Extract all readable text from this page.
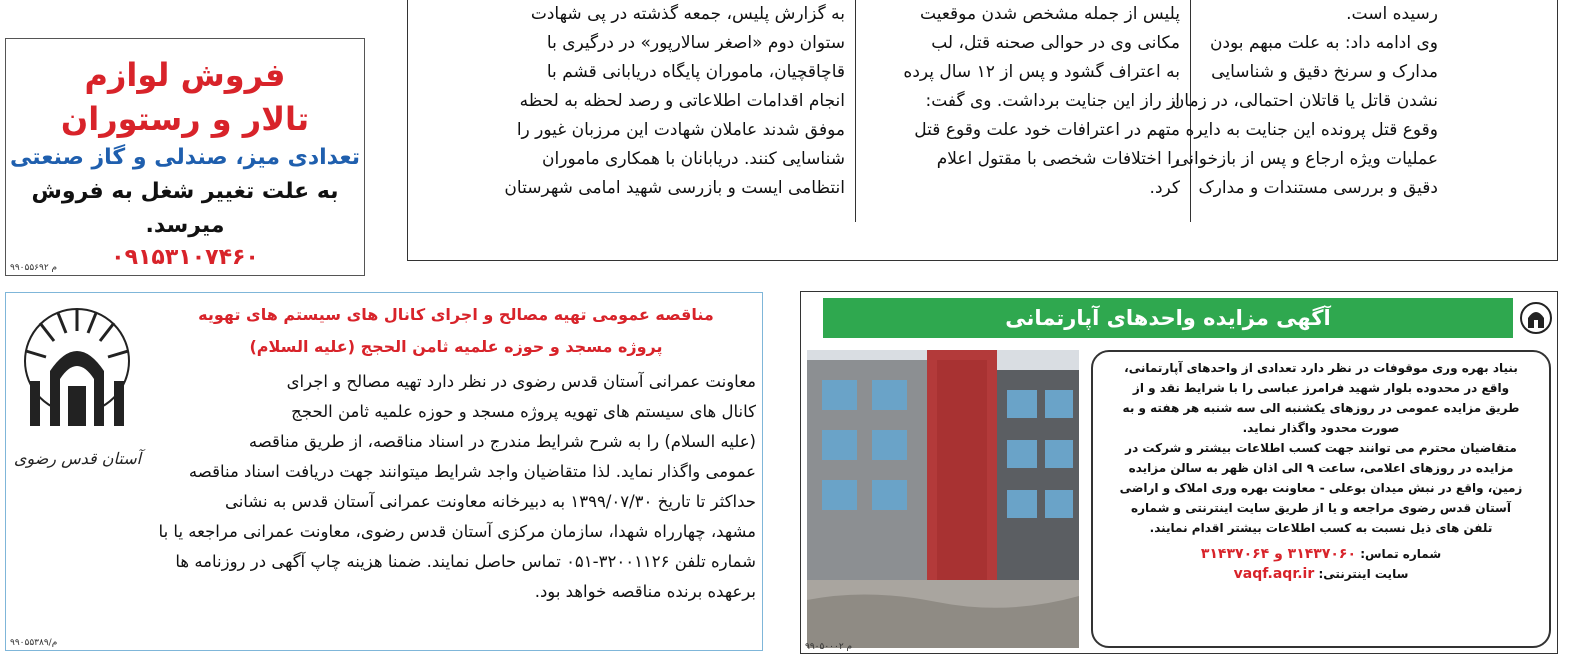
رسیده است.
وی ادامه داد: به علت مبهم بودن
مدارک و سرنخ دقیق و شناسایی
نشدن قاتل یا قاتلان احتمالی، در زمان
وقوع قتل پرونده این جنایت به دایره
عملیات ویژه ارجاع و پس از بازخوانی
دقیق و بررسی مستندات و مدارک
پلیس از جمله مشخص شدن موقعیت
مکانی وی در حوالی صحنه قتل، لب
به اعتراف گشود و پس از ۱۲ سال پرده
از راز این جنایت برداشت. وی گفت:
متهم در اعترافات خود علت وقوع قتل
را اختلافات شخصی با مقتول اعلام
کرد.
به گزارش پلیس، جمعه گذشته در پی شهادت
ستوان دوم «اصغر سالارپور» در درگیری با
قاچاقچیان، ماموران پایگاه دریابانی قشم با
انجام اقدامات اطلاعاتی و رصد لحظه به لحظه
موفق شدند عاملان شهادت این مرزبان غیور را
شناسایی کنند. دریابانان با همکاری ماموران
انتظامی ایست و بازرسی شهید امامی شهرستان
فروش لوازم
تالار و رستوران
تعدادی میز، صندلی و گاز صنعتی
به علت تغییر شغل به فروش میرسد.
۰۹۱۵۳۱۰۷۴۶۰
م ۹۹۰۵۵۶۹۲
مناقصه عمومی تهیه مصالح و اجرای کانال های سیستم های تهویه
پروژه مسجد و حوزه علمیه ثامن الحجج (علیه السلام)
آستان قدس رضوی
معاونت عمرانی آستان قدس رضوی در نظر دارد تهیه مصالح و اجرای
کانال های سیستم های تهویه پروژه مسجد و حوزه علمیه ثامن الحجج
(علیه السلام) را به شرح شرایط مندرج در اسناد مناقصه، از طریق مناقصه
عمومی واگذار نماید. لذا متقاضیان واجد شرایط میتوانند جهت دریافت اسناد مناقصه
حداکثر تا تاریخ ۱۳۹۹/۰۷/۳۰ به دبیرخانه معاونت عمرانی آستان قدس به نشانی
مشهد، چهارراه شهدا، سازمان مرکزی آستان قدس رضوی، معاونت عمرانی مراجعه یا با
شماره تلفن ۳۲۰۰۱۱۲۶-۰۵۱ تماس حاصل نمایند. ضمنا هزینه چاپ آگهی در روزنامه ها
برعهده برنده مناقصه خواهد بود.
م/۹۹۰۵۵۳۸۹
آگهی مزایده واحدهای آپارتمانی
بنیاد بهره وری موقوفات در نظر دارد تعدادی از واحدهای آپارتمانی،
واقع در محدوده بلوار شهید فرامرز عباسی را با شرایط نقد و از
طریق مزایده عمومی در روزهای یکشنبه الی سه شنبه هر هفته و به
صورت محدود واگذار نماید.
متقاضیان محترم می توانند جهت کسب اطلاعات بیشتر و شرکت در
مزایده در روزهای اعلامی، ساعت ۹ الی اذان ظهر به سالن مزایده
زمین، واقع در نبش میدان بوعلی - معاونت بهره وری املاک و اراضی
آستان قدس رضوی مراجعه و یا از طریق سایت اینترنتی و شماره
تلفن های ذیل نسبت به کسب اطلاعات بیشتر اقدام نمایند.
شماره تماس: ۳۱۴۳۷۰۶۰ و ۳۱۴۳۷۰۶۴
سایت اینترنتی: vaqf.aqr.ir
م ۹۹۰۵۰۰۰۲
